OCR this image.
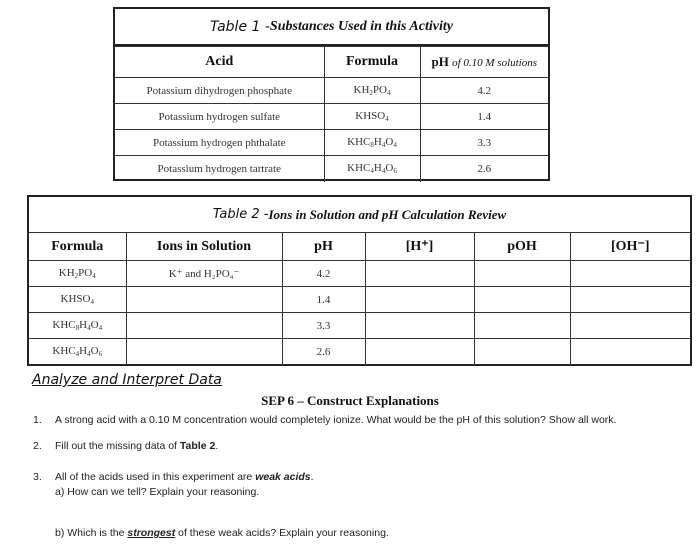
Table 1 - Substances Used in this Activity
Acid	Formula	pH of 0.10 M solutions
Potassium dihydrogen phosphate	$KH_2PO_4$	4.2
Potassium hydrogen sulfate	$KHSO_4$	1.4
Potassium hydrogen phthalate	$KHC_8H_4O_4$	3.3
Potassium hydrogen tartrate	$KHC_4H_4O_6$	2.6
Table 2 - Ions in Solution and pH Calculation Review
Formula	Ions in Solution	pH	[H⁺]	pOH	[OH⁻]
$KH_2PO_4$	K⁺ and H₂PO₄⁻	4.2			
$KHSO_4$		1.4			
$KHC_8H_4O_4$		3.3			
$KHC_4H_4O_6$		2.6			
Analyze and Interpret Data
SEP 6 – Construct Explanations
1. A strong acid with a 0.10 M concentration would completely ionize. What would be the pH of this solution? Show all work.
2. Fill out the missing data of Table 2.
3. All of the acids used in this experiment are weak acids.
a) How can we tell? Explain your reasoning.
b) Which is the strongest of these weak acids? Explain your reasoning.
